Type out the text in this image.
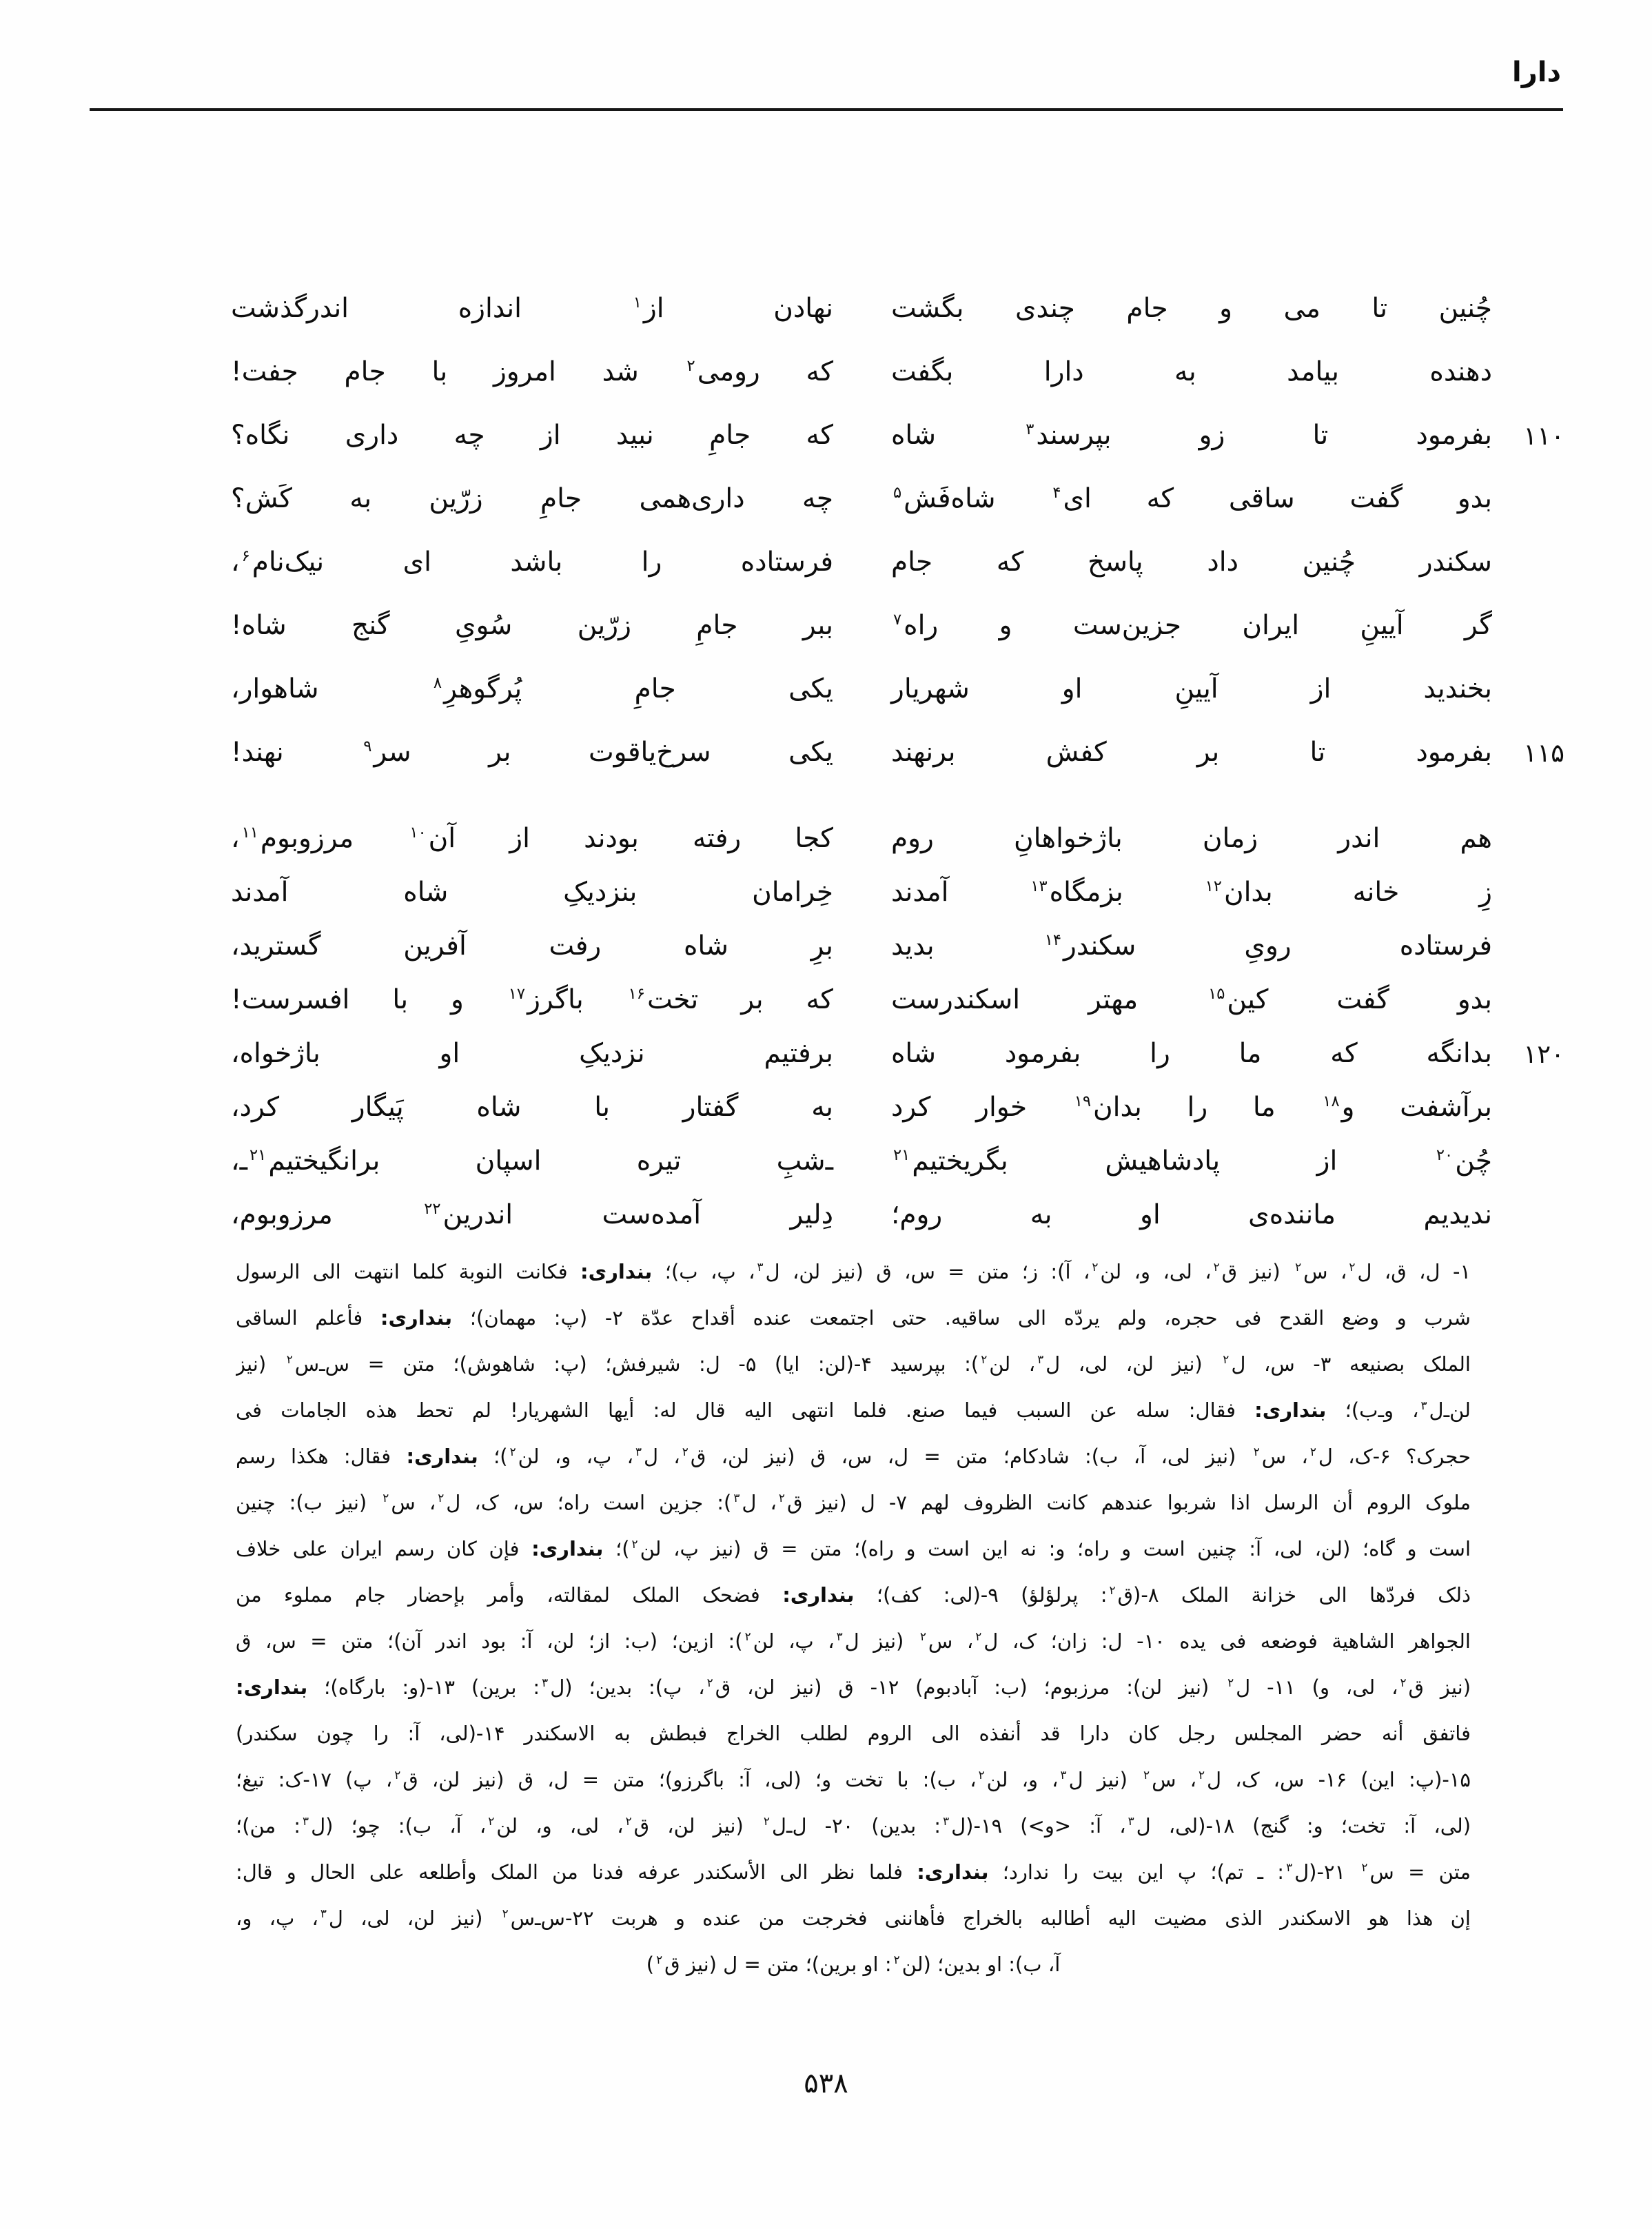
دارا
چُنین تا می و جام چندی بگشت
نهادن از$^۱$ اندازه اندرگذشت
دهنده بیامد به دارا بگفت
که رومی$^۲$ شد امروز با جام جفت!
۱۱۰
بفرمود تا زو بپرسند$^۳$ شاه
که جامِ نبید از چه داری نگاه؟
بدو گفت ساقی که ای$^۴$ شاه‌فَش$^۵$
چه داری‌همی جامِ زرّین به کَش؟
سکندر چُنین داد پاسخ که جام
فرستاده را باشد ای نیک‌نام$^۶$،
گر آیینِ ایران جزین‌ست و راه$^۷$
ببر جامِ زرّین سُویِ گنج شاه!
بخندید از آیینِ او شهریار
یکی جامِ پُرگوهرِ$^۸$ شاهوار،
۱۱۵
بفرمود تا بر کفش برنهند
یکی سرخ‌یاقوت بر سر$^۹$ نهند!
هم اندر زمان باژخواهانِ روم
کجا رفته بودند از آن$^{۱۰}$ مرزوبوم$^{۱۱}$،
زِ خانه بدان$^{۱۲}$ بزمگاه$^{۱۳}$ آمدند
خِرامان بنزدیکِ شاه آمدند
فرستاده رویِ سکندر$^{۱۴}$ بدید
برِ شاه رفت آفرین گسترید،
بدو گفت کین$^{۱۵}$ مهتر اسکندرست
که بر تخت$^{۱۶}$ باگرز$^{۱۷}$ و با افسرست!
۱۲۰
بدانگه که ما را بفرمود شاه
برفتیم نزدیکِ او باژخواه،
برآشفت و$^{۱۸}$ ما را بدان$^{۱۹}$ خوار کرد
به گفتار با شاه پَیگار کرد،
چُن$^{۲۰}$ از پادشاهیش بگریختیم$^{۲۱}$
ـ‌شبِ تیره اسپان برانگیختیم$^{۲۱}$‌ـ،
ندیدیم ماننده‌ی او به روم؛
دِلیر آمده‌ست اندرین$^{۲۲}$ مرزوبوم،
۱- ل، ق، ل$^۲$، س$^۲$ (نیز ق$^۲$، لی، و، لن$^۲$، آ): ز؛ متن = س، ق (نیز لن، ل$^۳$، پ، ب)؛ بنداری: فکانت النوبة کلما انتهت الی الرسول
شرب و وضع القدح فی حجره، ولم یردّه الی ساقیه. حتی اجتمعت عنده أقداح عدّة ۲- (پ: مهمان)؛ بنداری: فأعلم الساقی
الملک بصنیعه ۳- س، ل$^۲$ (نیز لن، لی، ل$^۳$، لن$^۲$): بپرسید ۴-(لن: ایا) ۵- ل: شیرفش؛ (پ: شاهوش)؛ متن = س‌ـ‌س$^۲$ (نیز
لن‌ـ‌ل$^۳$، و‌ـ‌ب)؛ بنداری: فقال: سله عن السبب فیما صنع. فلما انتهی الیه قال له: أیها الشهریار! لم تحط هذه الجامات فی
حجرک؟ ۶-ک، ل$^۲$، س$^۲$ (نیز لی، آ، ب): شادکام؛ متن = ل، س، ق (نیز لن، ق$^۲$، ل$^۳$، پ، و، لن$^۲$)؛ بنداری: فقال: هکذا رسم
ملوک الروم أن الرسل اذا شربوا عندهم کانت الظروف لهم ۷- ل (نیز ق$^۲$، ل$^۳$): جزین است راه؛ س، ک، ل$^۲$، س$^۲$ (نیز ب): چنین
است و گاه؛ (لن، لی، آ: چنین است و راه؛ و: نه این است و راه)؛ متن = ق (نیز پ، لن$^۲$)؛ بنداری: فإن کان رسم ایران علی خلاف
ذلک فردّها الی خزانة الملک ۸-(ق$^۲$: پرلؤلؤ) ۹-(لی: کف)؛ بنداری: فضحک الملک لمقالته، وأمر بإحضار جام مملوء من
الجواهر الشاهیة فوضعه فی یده ۱۰- ل: زان؛ ک، ل$^۲$، س$^۲$ (نیز ل$^۳$، پ، لن$^۲$): ازین؛ (ب: از؛ لن، آ: بود اندر آن)؛ متن = س، ق
(نیز ق$^۲$، لی، و) ۱۱- ل$^۲$ (نیز لن): مرزبوم؛ (ب: آبادبوم) ۱۲- ق (نیز لن، ق$^۲$، پ): بدین؛ (ل$^۳$: برین) ۱۳-(و: بارگاه)؛ بنداری:
فاتفق أنه حضر المجلس رجل کان دارا قد أنفذه الی الروم لطلب الخراج فبطش به الاسکندر ۱۴-(لی، آ: را چون سکندر)
۱۵-(پ: این) ۱۶- س، ک، ل$^۲$، س$^۲$ (نیز ل$^۳$، و، لن$^۲$، ب): با تخت و؛ (لی، آ: باگرزو)؛ متن = ل، ق (نیز لن، ق$^۲$، پ) ۱۷-ک: تیغ؛
(لی، آ: تخت؛ و: گنج) ۱۸-(لی، ل$^۳$، آ: <و>) ۱۹-(ل$^۳$: بدین) ۲۰- ل‌ـ‌ل$^۲$ (نیز لن، ق$^۲$، لی، و، لن$^۲$، آ، ب): چو؛ (ل$^۳$: من)؛
متن = س$^۲$ ۲۱-(ل$^۳$: ـ تم)؛ پ این بیت را ندارد؛ بنداری: فلما نظر الی الأسکندر عرفه فدنا من الملک وأطلعه علی الحال و قال:
إن هذا هو الاسکندر الذی مضیت الیه أطالبه بالخراج فأهاننی فخرجت من عنده و هربت ۲۲-س‌ـ‌س$^۲$ (نیز لن، لی، ل$^۳$، پ، و،
آ، ب): او بدین؛ (لن$^۲$: او برین)؛ متن = ل (نیز ق$^۲$)
۵۳۸
